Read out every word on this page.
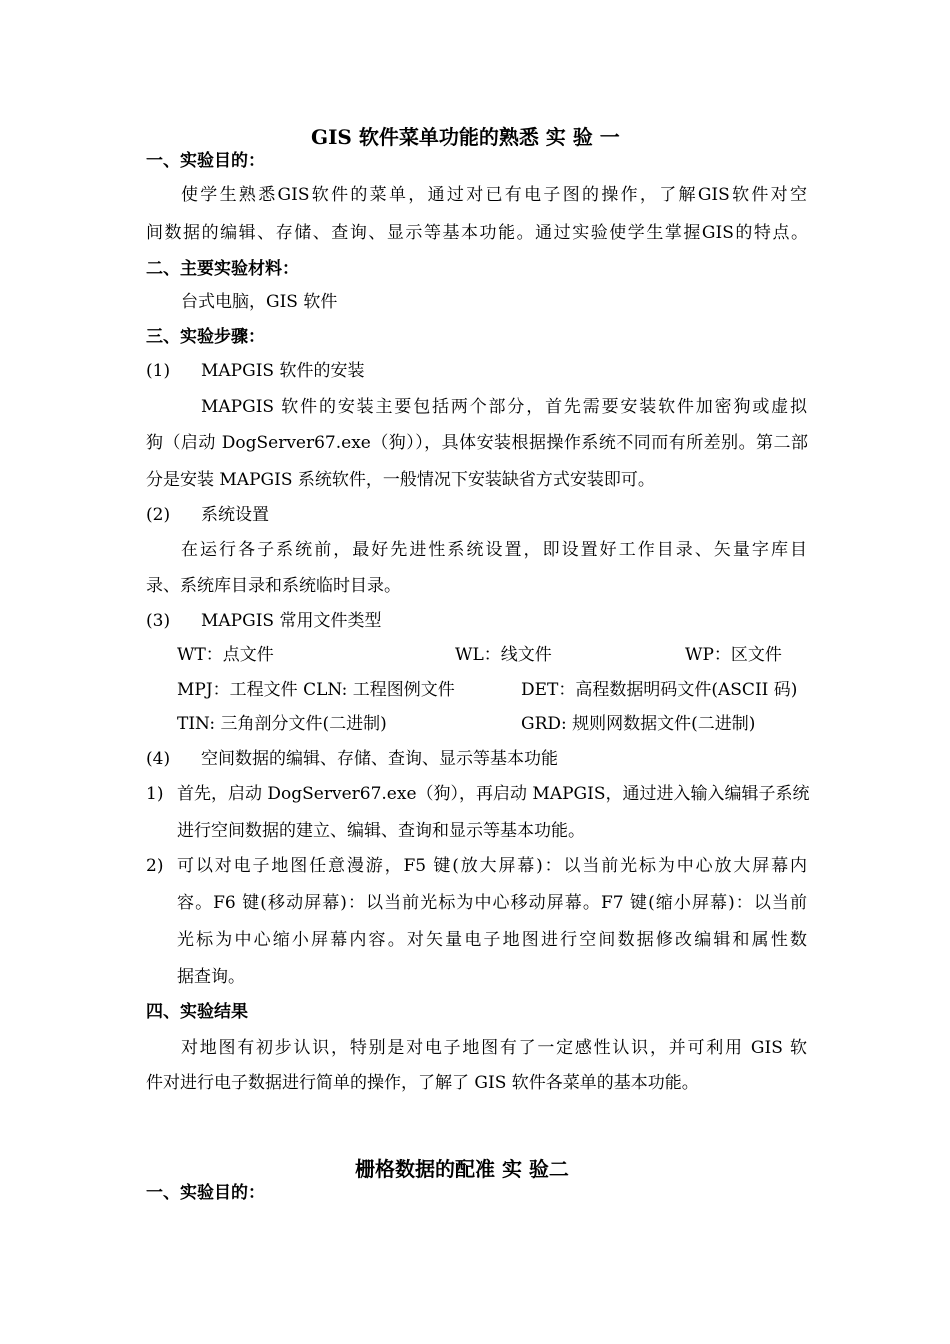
GIS 软件菜单功能的熟悉 实 验 一
一、实验目的：
使学生熟悉GIS软件的菜单，通过对已有电子图的操作，了解GIS软件对空
间数据的编辑、存储、查询、显示等基本功能。通过实验使学生掌握GIS的特点。
二、主要实验材料：
台式电脑，GIS 软件
三、实验步骤：
(1) MAPGIS 软件的安装
MAPGIS 软件的安装主要包括两个部分，首先需要安装软件加密狗或虚拟
狗（启动 DogServer67.exe（狗）），具体安装根据操作系统不同而有所差别。第二部
分是安装 MAPGIS 系统软件，一般情况下安装缺省方式安装即可。
(2) 系统设置
在运行各子系统前，最好先进性系统设置，即设置好工作目录、矢量字库目
录、系统库目录和系统临时目录。
(3) MAPGIS 常用文件类型
WT：点文件	WL：线文件	WP：区文件
MPJ：工程文件 CLN: 工程图例文件	DET：高程数据明码文件(ASCII 码)
TIN: 三角剖分文件(二进制)	GRD: 规则网数据文件(二进制)
(4) 空间数据的编辑、存储、查询、显示等基本功能
1) 首先，启动 DogServer67.exe（狗），再启动 MAPGIS，通过进入输入编辑子系统
进行空间数据的建立、编辑、查询和显示等基本功能。
2) 可以对电子地图任意漫游，F5 键(放大屏幕)：以当前光标为中心放大屏幕内
容。F6 键(移动屏幕)：以当前光标为中心移动屏幕。F7 键(缩小屏幕)：以当前
光标为中心缩小屏幕内容。对矢量电子地图进行空间数据修改编辑和属性数
据查询。
四、实验结果
对地图有初步认识，特别是对电子地图有了一定感性认识，并可利用 GIS 软
件对进行电子数据进行简单的操作，了解了 GIS 软件各菜单的基本功能。
栅格数据的配准 实 验二
一、实验目的：
